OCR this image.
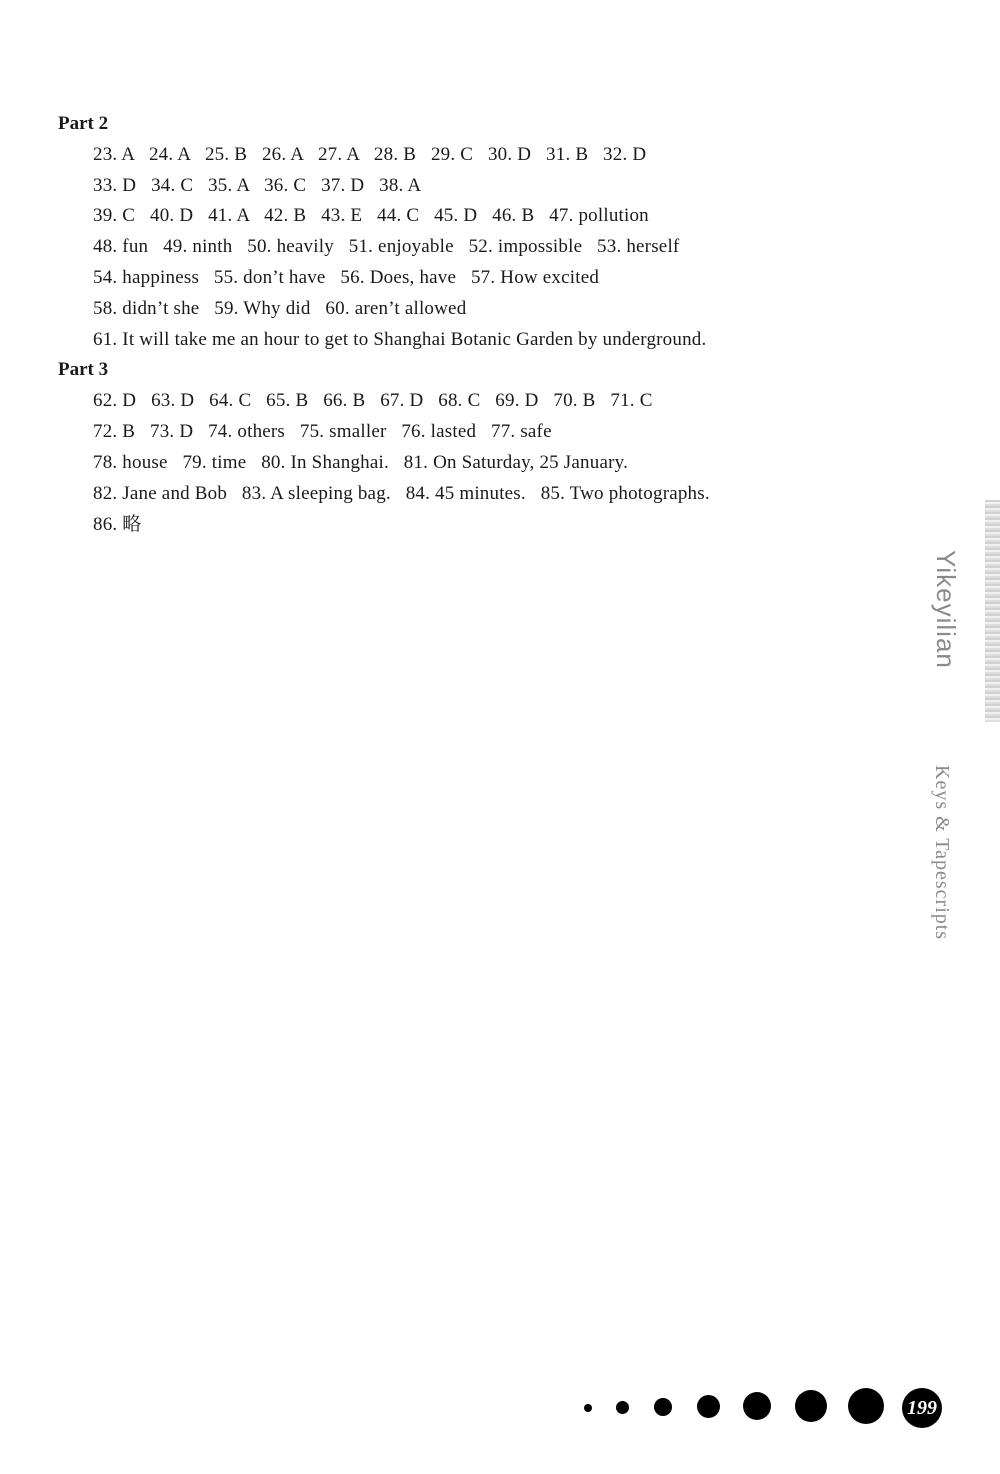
Part 2
23. A   24. A   25. B   26. A   27. A   28. B   29. C   30. D   31. B   32. D
33. D   34. C   35. A   36. C   37. D   38. A
39. C   40. D   41. A   42. B   43. E   44. C   45. D   46. B   47. pollution
48. fun   49. ninth   50. heavily   51. enjoyable   52. impossible   53. herself
54. happiness   55. don’t have   56. Does, have   57. How excited
58. didn’t she   59. Why did   60. aren’t allowed
61. It will take me an hour to get to Shanghai Botanic Garden by underground.
Part 3
62. D   63. D   64. C   65. B   66. B   67. D   68. C   69. D   70. B   71. C
72. B   73. D   74. others   75. smaller   76. lasted   77. safe
78. house   79. time   80. In Shanghai.   81. On Saturday, 25 January.
82. Jane and Bob   83. A sleeping bag.   84. 45 minutes.   85. Two photographs.
86. 略
Yikeyilian
Keys & Tapescripts
199
